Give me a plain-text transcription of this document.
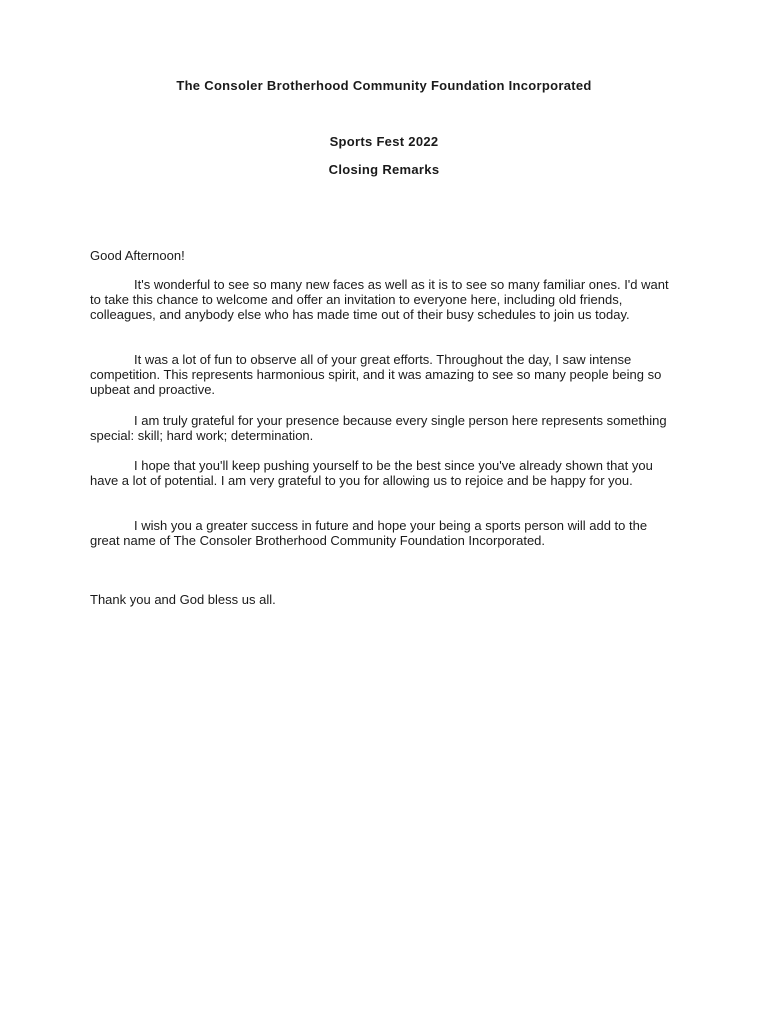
The Consoler Brotherhood Community Foundation Incorporated
Sports Fest 2022
Closing Remarks

Good Afternoon!

It's wonderful to see so many new faces as well as it is to see so many familiar ones. I'd want to take this chance to welcome and offer an invitation to everyone here, including old friends, colleagues, and anybody else who has made time out of their busy schedules to join us today.

It was a lot of fun to observe all of your great efforts. Throughout the day, I saw intense competition. This represents harmonious spirit, and it was amazing to see so many people being so upbeat and proactive.

I am truly grateful for your presence because every single person here represents something special: skill; hard work; determination.

I hope that you'll keep pushing yourself to be the best since you've already shown that you have a lot of potential. I am very grateful to you for allowing us to rejoice and be happy for you.

I wish you a greater success in future and hope your being a sports person will add to the great name of The Consoler Brotherhood Community Foundation Incorporated.

Thank you and God bless us all.
